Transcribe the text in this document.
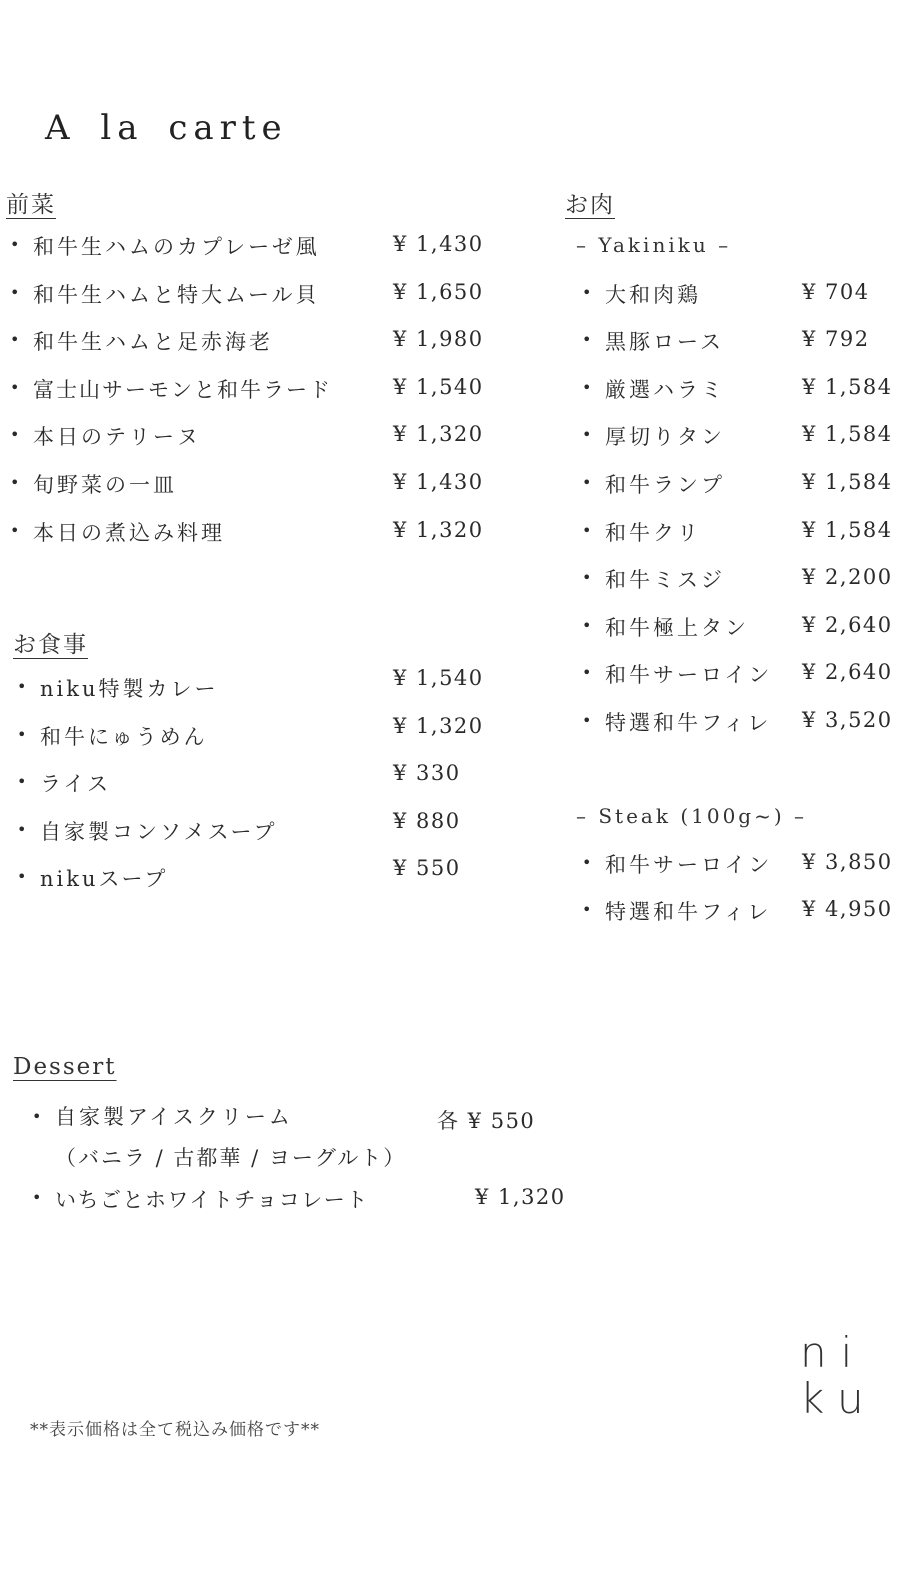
A la carte
前菜
• 和牛生ハムのカプレーゼ風	¥ 1,430
• 和牛生ハムと特大ムール貝	¥ 1,650
• 和牛生ハムと足赤海老	¥ 1,980
• 富士山サーモンと和牛ラード	¥ 1,540
• 本日のテリーヌ	¥ 1,320
• 旬野菜の一皿	¥ 1,430
• 本日の煮込み料理	¥ 1,320
お食事
• niku特製カレー	¥ 1,540
• 和牛にゅうめん	¥ 1,320
• ライス	¥ 330
• 自家製コンソメスープ	¥ 880
• nikuスープ	¥ 550
お肉
– Yakiniku –
• 大和肉鶏	¥ 704
• 黒豚ロース	¥ 792
• 厳選ハラミ	¥ 1,584
• 厚切りタン	¥ 1,584
• 和牛ランプ	¥ 1,584
• 和牛クリ	¥ 1,584
• 和牛ミスジ	¥ 2,200
• 和牛極上タン	¥ 2,640
• 和牛サーロイン ¥ 2,640
• 特選和牛フィレ ¥ 3,520
– Steak (100g~) –
• 和牛サーロイン ¥ 3,850
• 特選和牛フィレ ¥ 4,950
Dessert
• 自家製アイスクリーム	各 ¥ 550
（バニラ / 古都華 / ヨーグルト）
• いちごとホワイトチョコレート	¥ 1,320
**表示価格は全て税込み価格です**
ni
ku
